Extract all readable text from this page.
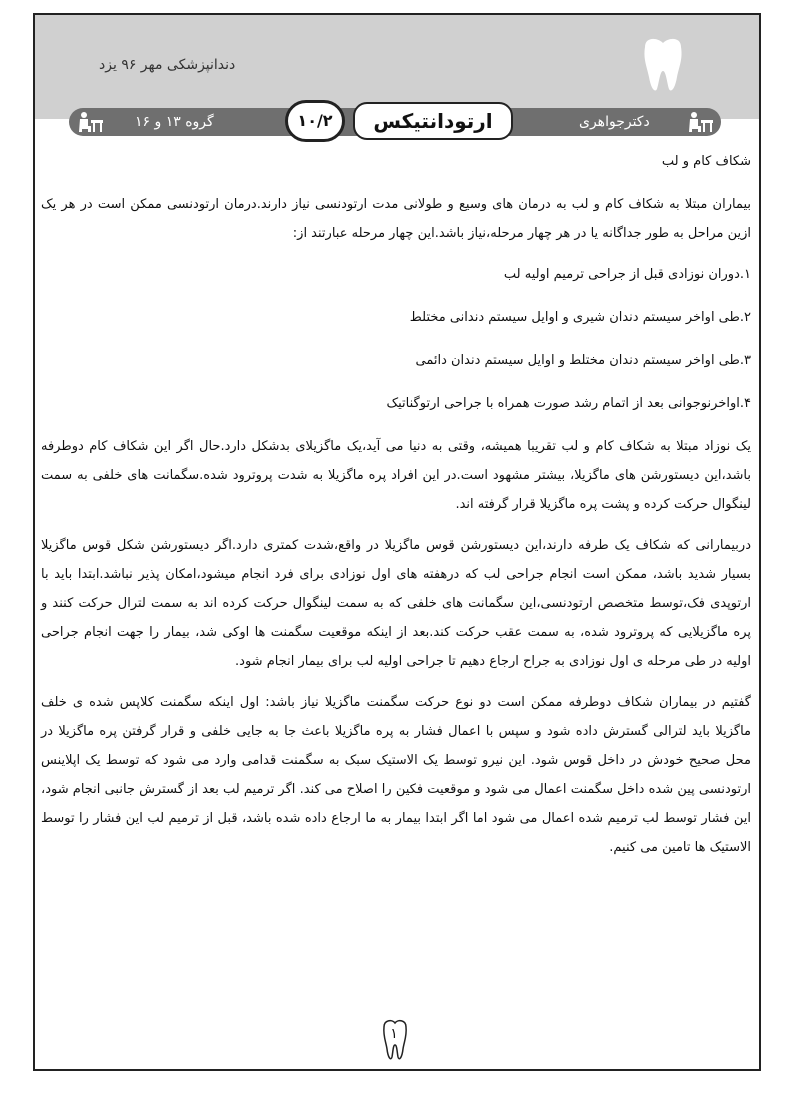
دندانپزشکی مهر ۹۶ یزد
گروه ۱۳ و ۱۶	۱۰/۲	ارتودانتیکس	دکترجواهری

شکاف کام و لب

بیماران مبتلا به شکاف کام و لب به درمان های وسیع و طولانی مدت ارتودنسی نیاز دارند.درمان ارتودنسی ممکن است در هر یک ازین مراحل به طور جداگانه یا در هر چهار مرحله،نیاز باشد.این چهار مرحله عبارتند از:

۱.دوران نوزادی قبل از جراحی ترمیم اولیه لب

۲.طی اواخر سیستم دندان شیری و اوایل سیستم دندانی مختلط

۳.طی اواخر سیستم دندان مختلط و اوایل سیستم دندان دائمی

۴.اواخرنوجوانی بعد از اتمام رشد صورت همراه با جراحی ارتوگناتیک

یک نوزاد مبتلا به شکاف کام و لب تقریبا همیشه، وقتی به دنیا می آید،یک ماگزیلای بدشکل دارد.حال اگر این شکاف کام دوطرفه باشد،این دیستورشن های ماگزیلا، بیشتر مشهود است.در این افراد پره ماگزیلا به شدت پروترود شده.سگمانت های خلفی به سمت لینگوال حرکت کرده و پشت پره ماگزیلا قرار گرفته اند.

دربیمارانی که شکاف یک طرفه دارند،این دیستورشن قوس ماگزیلا در واقع،شدت کمتری دارد.اگر دیستورشن شکل قوس ماگزیلا بسیار شدید باشد، ممکن است انجام جراحی لب که درهفته های اول نوزادی برای فرد انجام میشود،امکان پذیر نباشد.ابتدا باید با ارتوپدی فک،توسط متخصص ارتودنسی،این سگمانت های خلفی که به سمت لینگوال حرکت کرده اند به سمت لترال حرکت کنند و پره ماگزیلایی که پروترود شده، به سمت عقب حرکت کند.بعد از اینکه موقعیت سگمنت ها اوکی شد، بیمار را جهت انجام جراحی اولیه در طی مرحله ی اول نوزادی به جراح ارجاع دهیم تا جراحی اولیه لب برای بیمار انجام شود.

گفتیم در بیماران شکاف دوطرفه ممکن است دو نوع حرکت سگمنت ماگزیلا نیاز باشد: اول اینکه سگمنت کلاپس شده ی خلف ماگزیلا باید لترالی گسترش داده شود و سپس با اعمال فشار به پره ماگزیلا باعث جا به جایی خلفی و قرار گرفتن پره ماگزیلا در محل صحیح خودش در داخل قوس شود. این نیرو توسط یک الاستیک سبک به سگمنت قدامی وارد می شود که توسط یک اپلاینس ارتودنسی پین شده داخل سگمنت اعمال می شود و موقعیت فکین را اصلاح می کند. اگر ترمیم لب بعد از گسترش جانبی انجام شود، این فشار توسط لب ترمیم شده اعمال می شود اما اگر ابتدا بیمار به ما ارجاع داده شده باشد، قبل از ترمیم لب این فشار را توسط الاستیک ها تامین می کنیم.

۱
